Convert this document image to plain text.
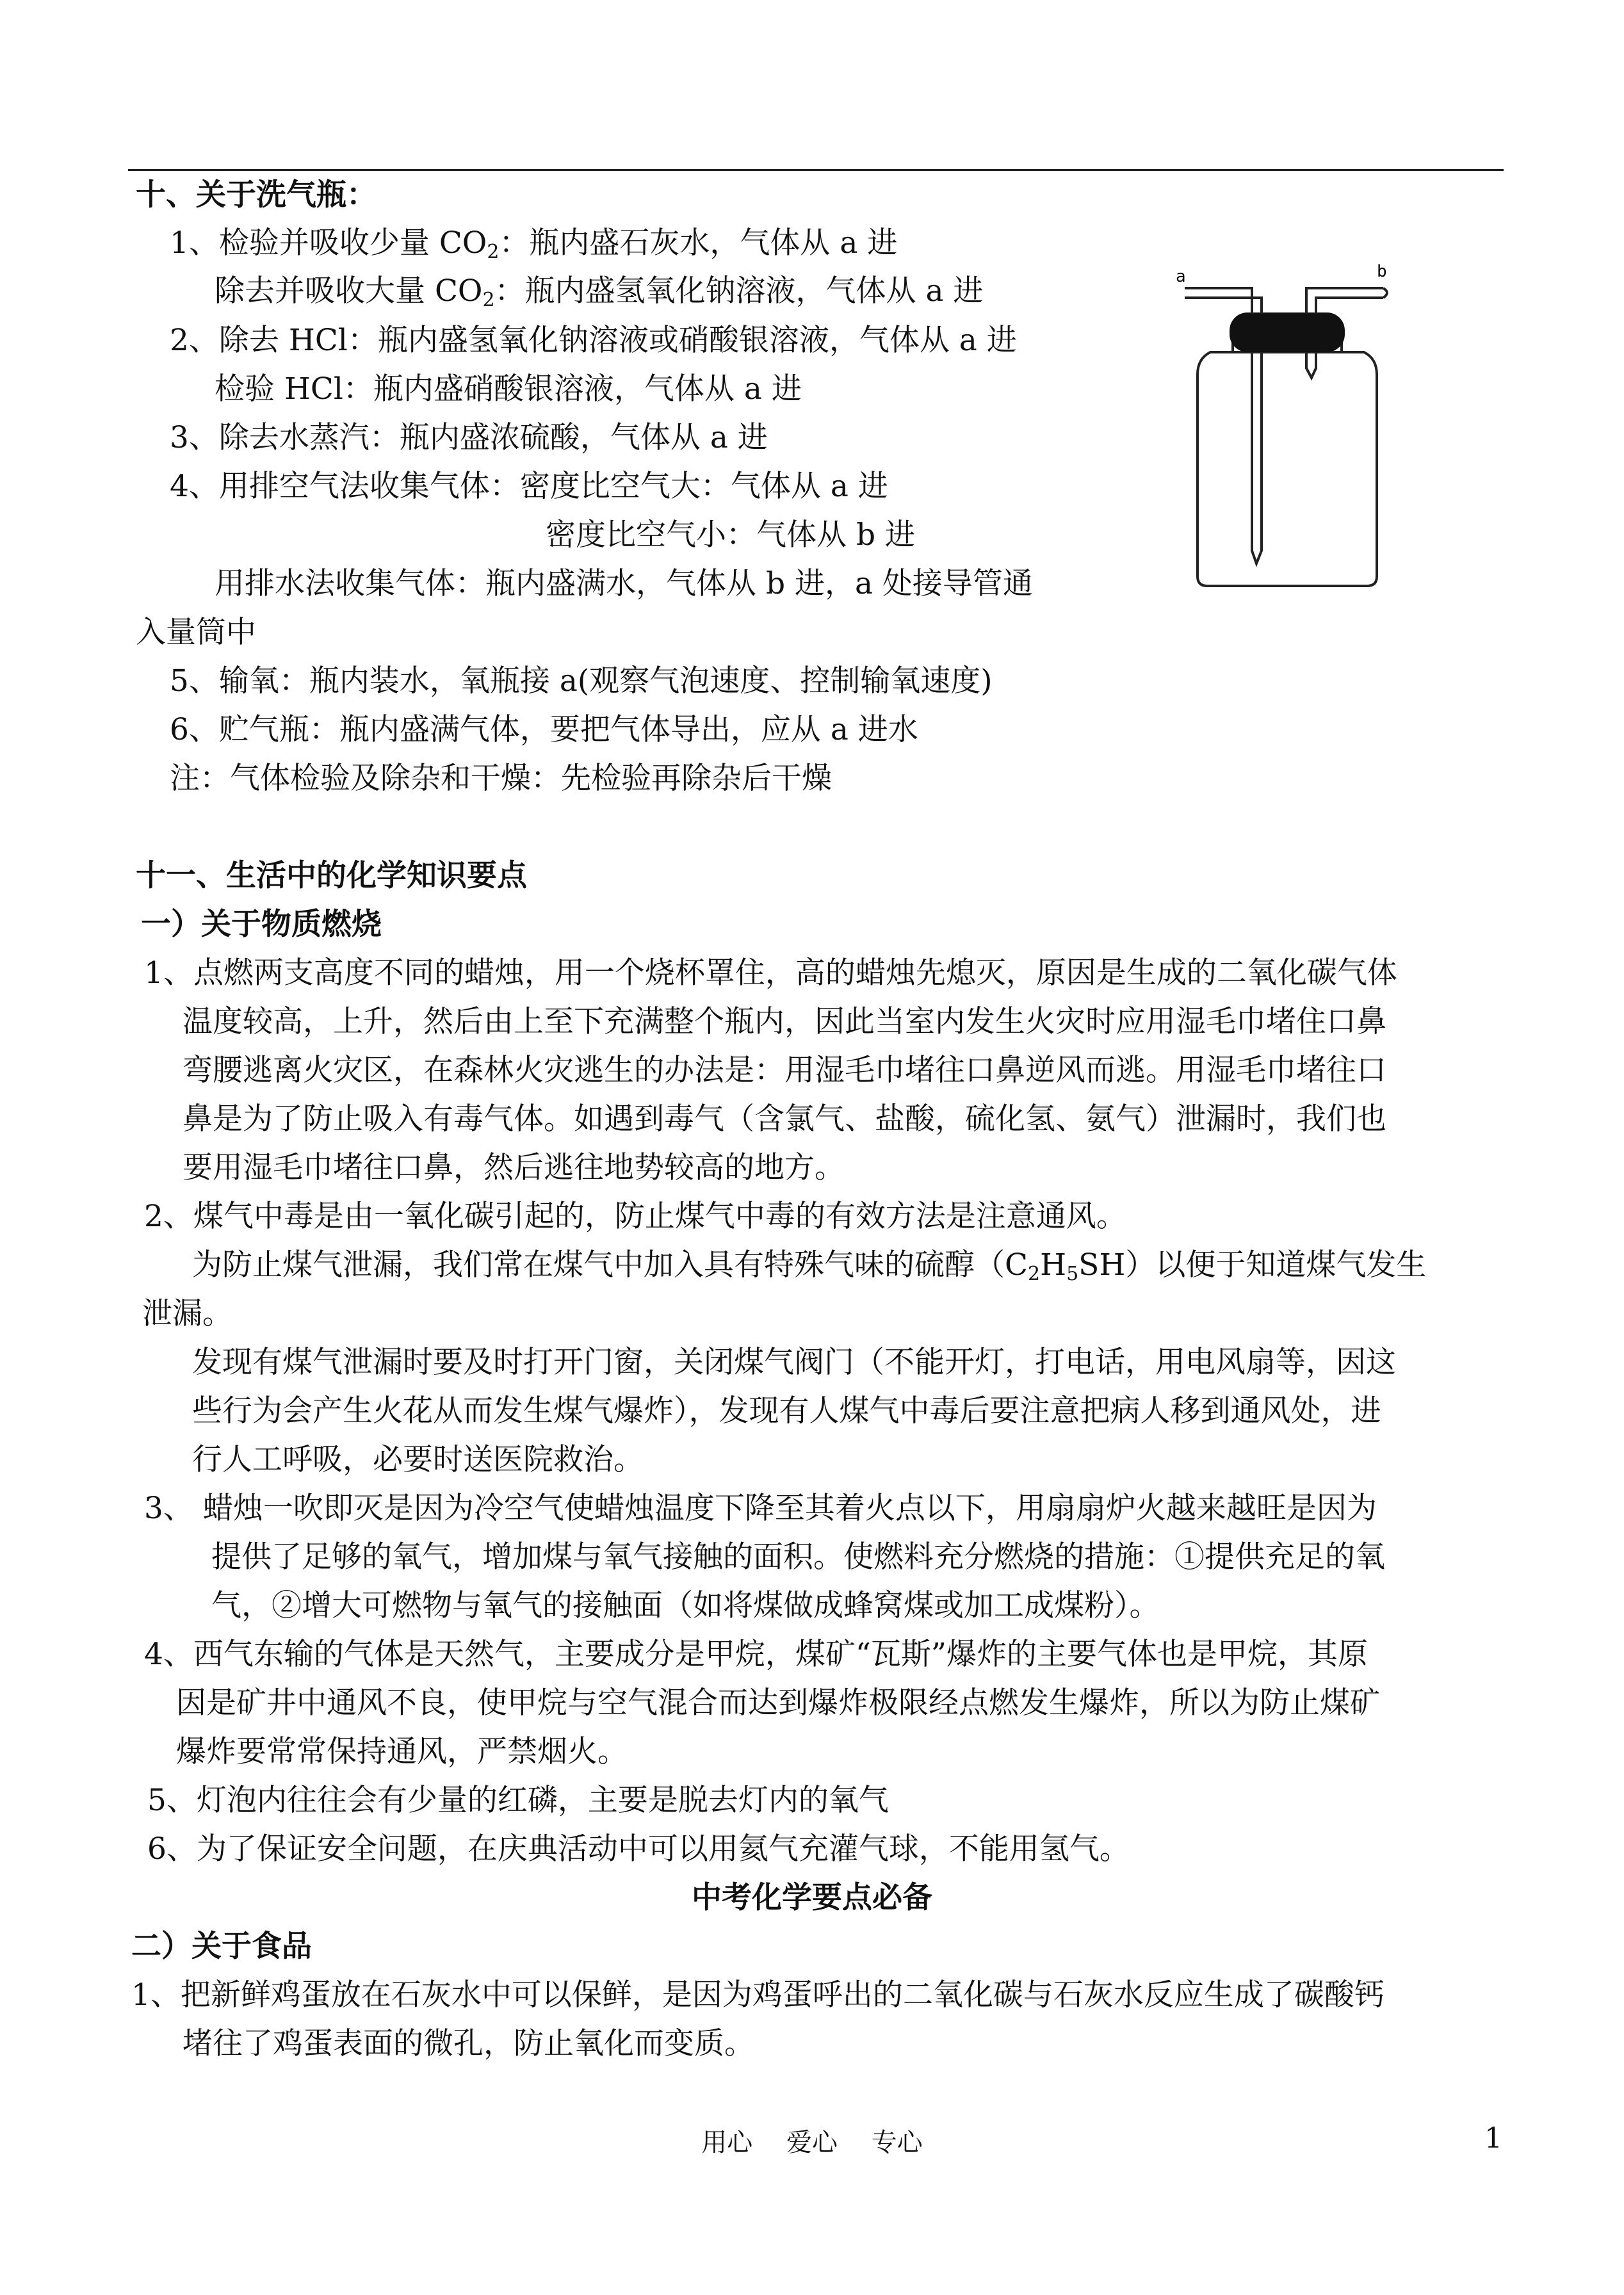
十、关于洗气瓶：
1、检验并吸收少量 $CO_2$：瓶内盛石灰水，气体从 a 进
除去并吸收大量 $CO_2$：瓶内盛氢氧化钠溶液，气体从 a 进
2、除去 HCl：瓶内盛氢氧化钠溶液或硝酸银溶液，气体从 a 进
检验 HCl：瓶内盛硝酸银溶液，气体从 a 进
3、除去水蒸汽：瓶内盛浓硫酸，气体从 a 进
4、用排空气法收集气体：密度比空气大：气体从 a 进
密度比空气小：气体从 b 进
用排水法收集气体：瓶内盛满水，气体从 b 进，a 处接导管通
入量筒中
5、输氧：瓶内装水，氧瓶接 a(观察气泡速度、控制输氧速度)
6、贮气瓶：瓶内盛满气体，要把气体导出，应从 a 进水
注：气体检验及除杂和干燥：先检验再除杂后干燥
a	b
十一、生活中的化学知识要点
一）关于物质燃烧
1、点燃两支高度不同的蜡烛，用一个烧杯罩住，高的蜡烛先熄灭，原因是生成的二氧化碳气体
温度较高，上升，然后由上至下充满整个瓶内，因此当室内发生火灾时应用湿毛巾堵住口鼻
弯腰逃离火灾区，在森林火灾逃生的办法是：用湿毛巾堵往口鼻逆风而逃。用湿毛巾堵往口
鼻是为了防止吸入有毒气体。如遇到毒气（含氯气、盐酸，硫化氢、氨气）泄漏时，我们也
要用湿毛巾堵往口鼻，然后逃往地势较高的地方。
2、煤气中毒是由一氧化碳引起的，防止煤气中毒的有效方法是注意通风。
为防止煤气泄漏，我们常在煤气中加入具有特殊气味的硫醇$(C_2H_5SH)$以便于知道煤气发生
泄漏。
发现有煤气泄漏时要及时打开门窗，关闭煤气阀门（不能开灯，打电话，用电风扇等，因这
些行为会产生火花从而发生煤气爆炸），发现有人煤气中毒后要注意把病人移到通风处，进
行人工呼吸，必要时送医院救治。
3、 蜡烛一吹即灭是因为冷空气使蜡烛温度下降至其着火点以下，用扇扇炉火越来越旺是因为
提供了足够的氧气，增加煤与氧气接触的面积。使燃料充分燃烧的措施：①提供充足的氧
气，②增大可燃物与氧气的接触面（如将煤做成蜂窝煤或加工成煤粉）。
4、西气东输的气体是天然气，主要成分是甲烷，煤矿“瓦斯”爆炸的主要气体也是甲烷，其原
因是矿井中通风不良，使甲烷与空气混合而达到爆炸极限经点燃发生爆炸，所以为防止煤矿
爆炸要常常保持通风，严禁烟火。
5、灯泡内往往会有少量的红磷，主要是脱去灯内的氧气
6、为了保证安全问题，在庆典活动中可以用氦气充灌气球，不能用氢气。
中考化学要点必备
二）关于食品
1、把新鲜鸡蛋放在石灰水中可以保鲜，是因为鸡蛋呼出的二氧化碳与石灰水反应生成了碳酸钙
堵往了鸡蛋表面的微孔，防止氧化而变质。
用心 爱心 专心	1
